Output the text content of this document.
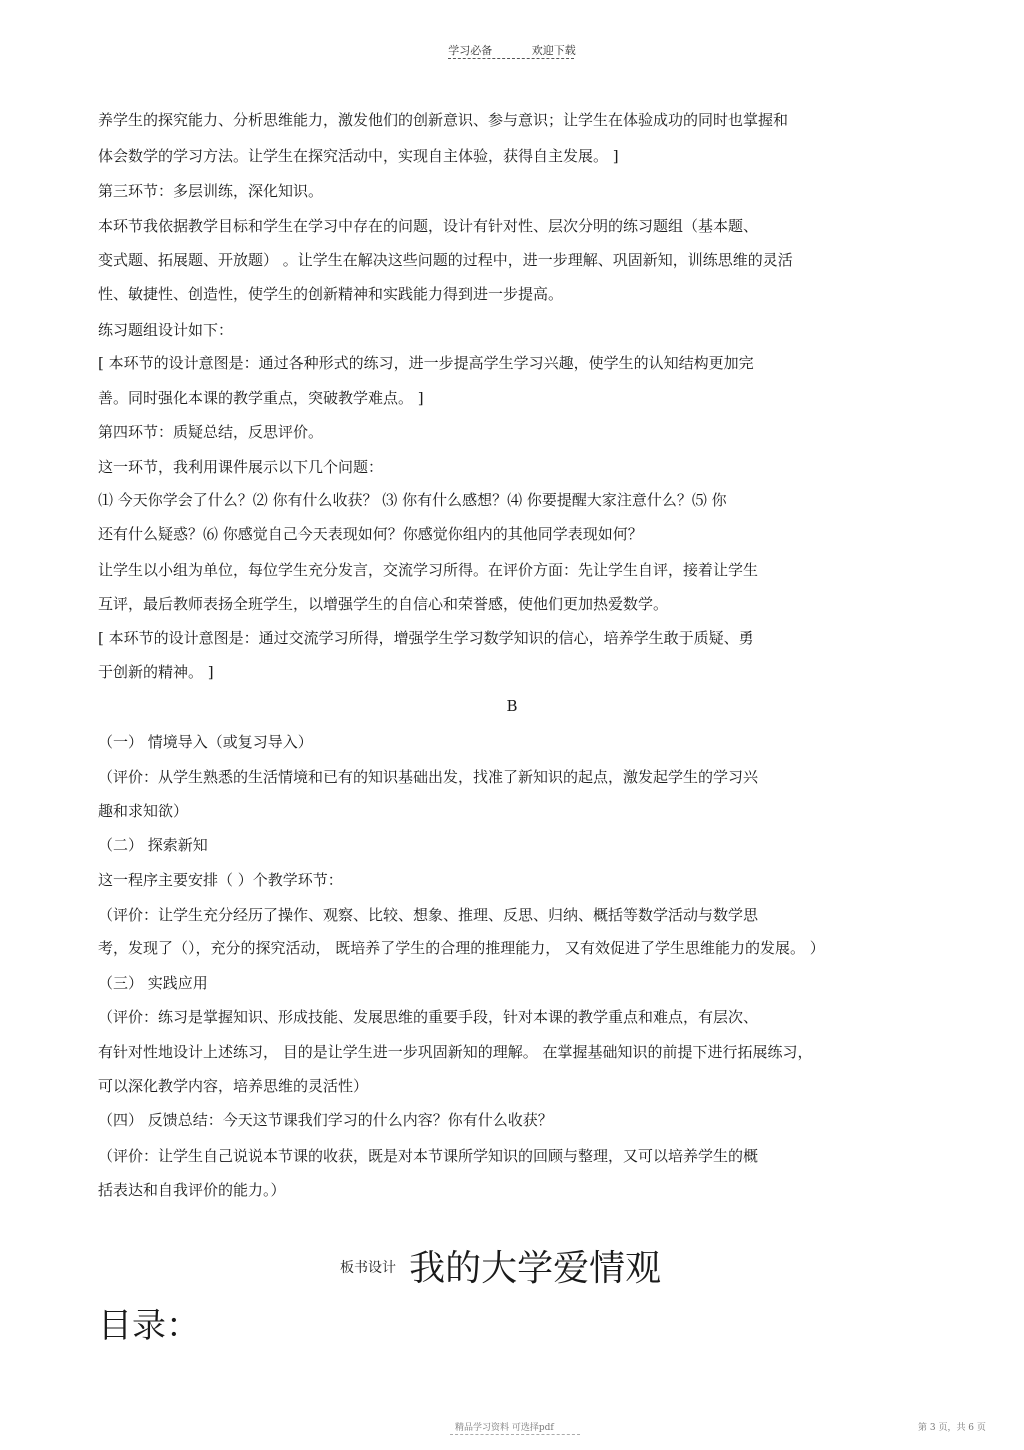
学习必备	欢迎下载
养学生的探究能力、分析思维能力，激发他们的创新意识、参与意识；让学生在体验成功的同时也掌握和
体会数学的学习方法。让学生在探究活动中，实现自主体验，获得自主发展。 ]
第三环节：多层训练，深化知识。
本环节我依据教学目标和学生在学习中存在的问题，设计有针对性、层次分明的练习题组（基本题、
变式题、拓展题、开放题） 。让学生在解决这些问题的过程中，进一步理解、巩固新知，训练思维的灵活
性、敏捷性、创造性，使学生的创新精神和实践能力得到进一步提高。
练习题组设计如下：
[ 本环节的设计意图是：通过各种形式的练习，进一步提高学生学习兴趣，使学生的认知结构更加完
善。同时强化本课的教学重点，突破教学难点。 ]
第四环节：质疑总结，反思评价。
这一环节，我利用课件展示以下几个问题：
⑴ 今天你学会了什么？⑵ 你有什么收获？ ⑶ 你有什么感想？⑷ 你要提醒大家注意什么？⑸ 你
还有什么疑惑？⑹ 你感觉自己今天表现如何？你感觉你组内的其他同学表现如何？
让学生以小组为单位，每位学生充分发言，交流学习所得。在评价方面：先让学生自评，接着让学生
互评，最后教师表扬全班学生，以增强学生的自信心和荣誉感，使他们更加热爱数学。
[ 本环节的设计意图是：通过交流学习所得，增强学生学习数学知识的信心，培养学生敢于质疑、勇
于创新的精神。 ]
B
（一） 情境导入（或复习导入）
（评价：从学生熟悉的生活情境和已有的知识基础出发，找准了新知识的起点，激发起学生的学习兴
趣和求知欲）
（二） 探索新知
这一程序主要安排（ ）个教学环节：
（评价：让学生充分经历了操作、观察、比较、想象、推理、反思、归纳、概括等数学活动与数学思
考，发现了（），充分的探究活动， 既培养了学生的合理的推理能力， 又有效促进了学生思维能力的发展。 ）
（三） 实践应用
（评价：练习是掌握知识、形成技能、发展思维的重要手段，针对本课的教学重点和难点，有层次、
有针对性地设计上述练习， 目的是让学生进一步巩固新知的理解。 在掌握基础知识的前提下进行拓展练习，
可以深化教学内容，培养思维的灵活性）
（四） 反馈总结：今天这节课我们学习的什么内容？你有什么收获？
（评价：让学生自己说说本节课的收获，既是对本节课所学知识的回顾与整理，又可以培养学生的概
括表达和自我评价的能力。）
板书设计 我的大学爱情观
目录：
精品学习资料 可选择pdf	第 3 页，共 6 页
